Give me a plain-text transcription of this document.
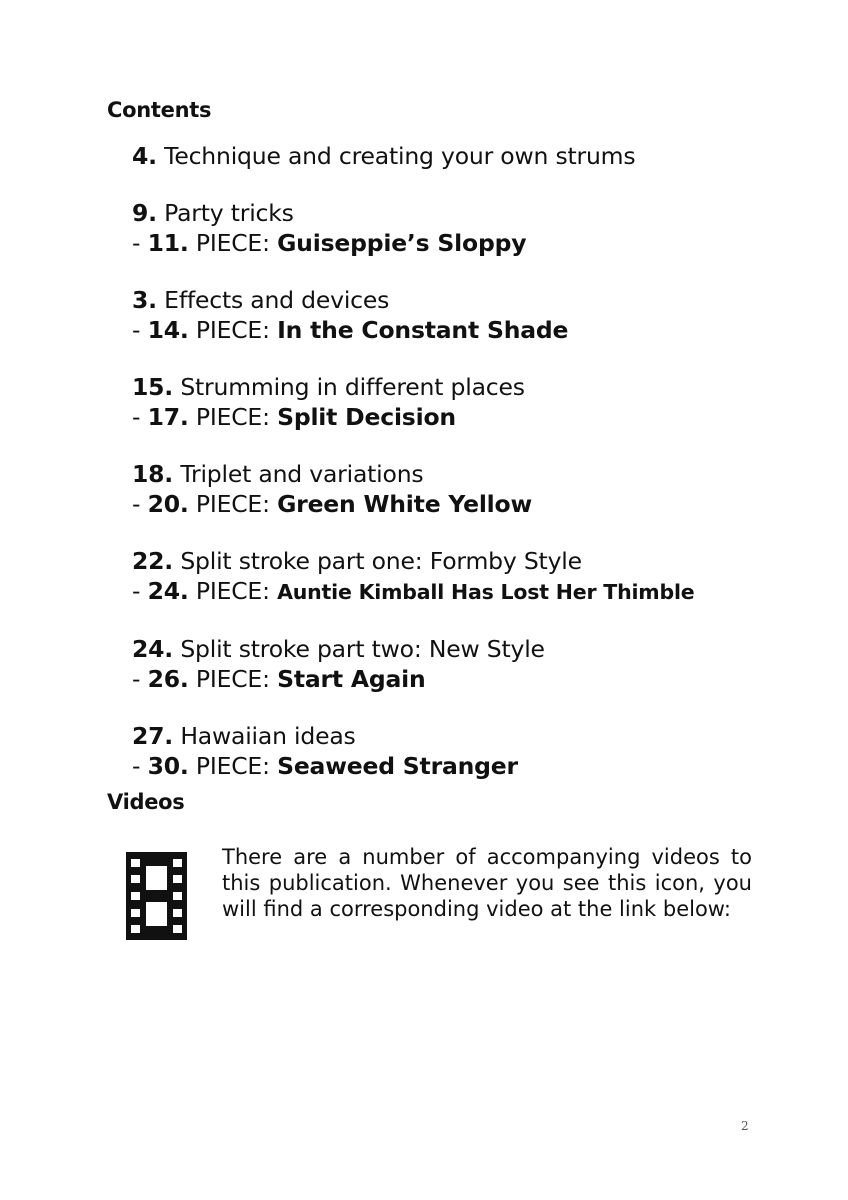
Contents
4. Technique and creating your own strums
9. Party tricks
- 11. PIECE: Guiseppie’s Sloppy
3. Effects and devices
- 14. PIECE: In the Constant Shade
15. Strumming in different places
- 17. PIECE: Split Decision
18. Triplet and variations
- 20. PIECE: Green White Yellow
22. Split stroke part one: Formby Style
- 24. PIECE: Auntie Kimball Has Lost Her Thimble
24. Split stroke part two: New Style
- 26. PIECE: Start Again
27. Hawaiian ideas
- 30. PIECE: Seaweed Stranger
Videos

There are a number of accompanying videos to this publication. Whenever you see this icon, you will find a corresponding video at the link below:

2
